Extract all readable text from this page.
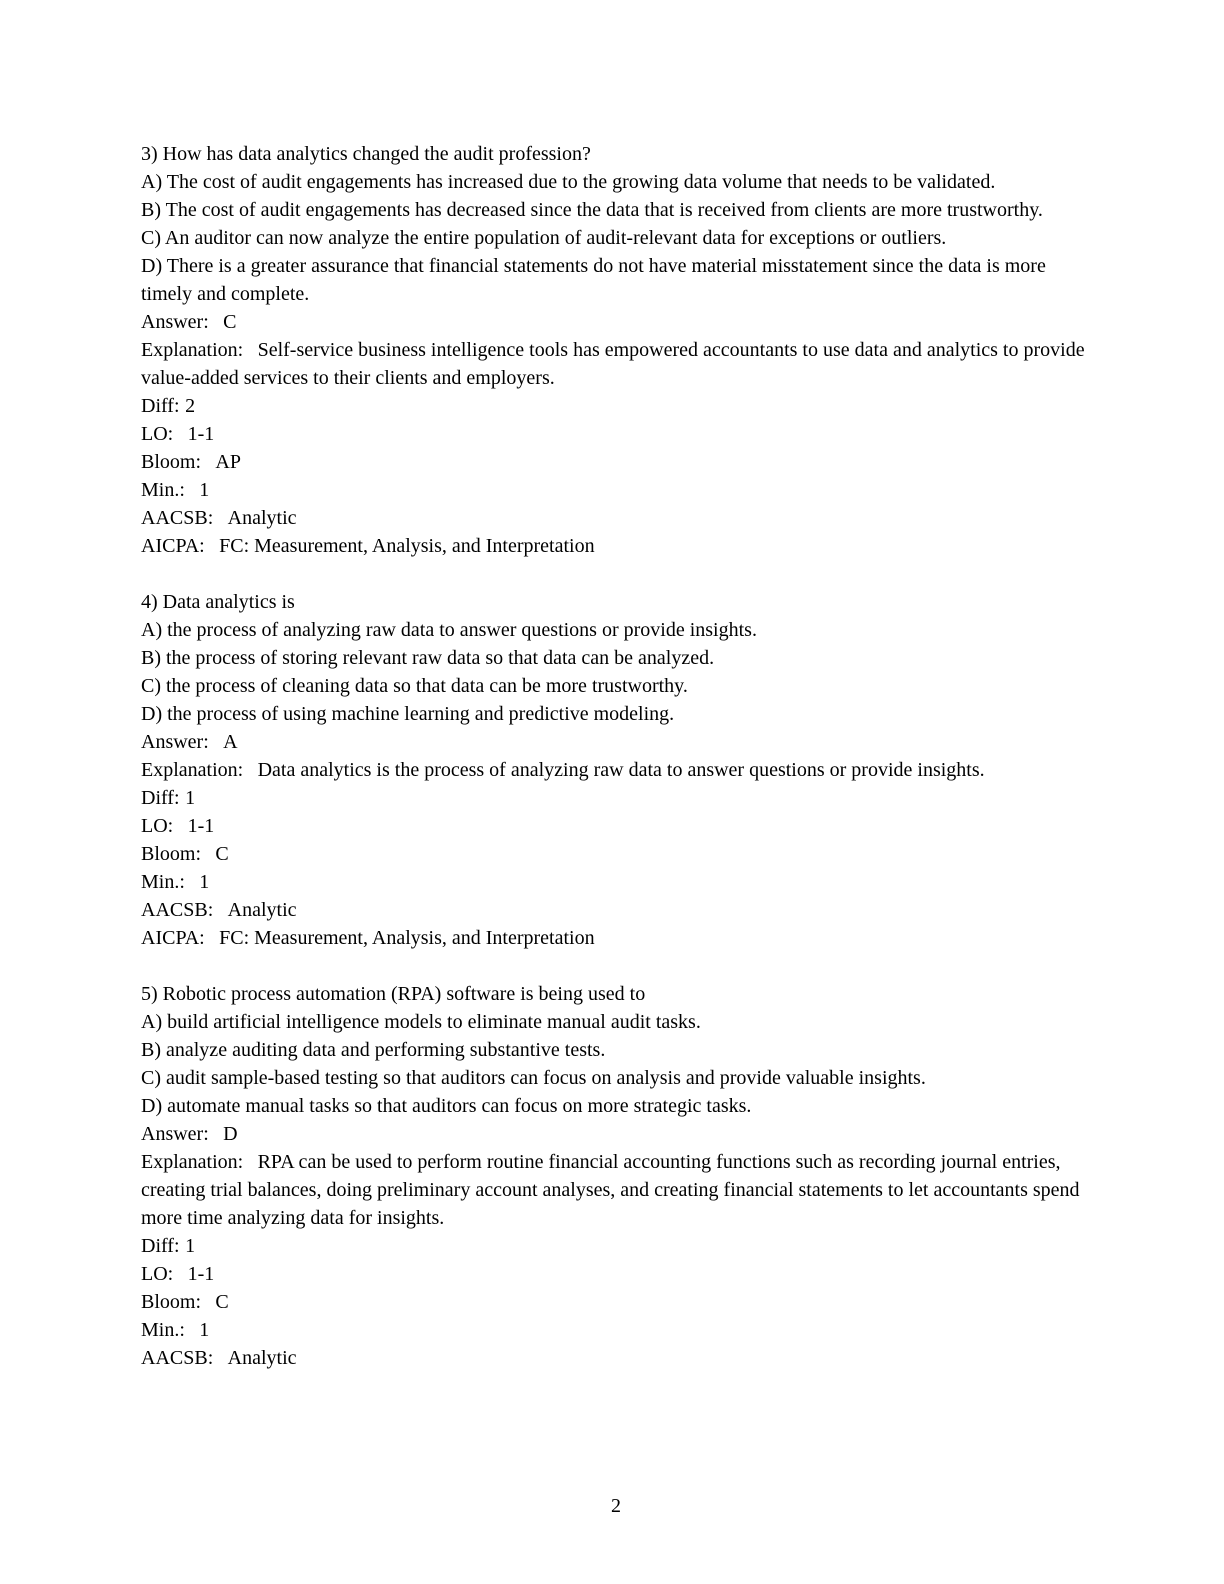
3) How has data analytics changed the audit profession?

A) The cost of audit engagements has increased due to the growing data volume that needs to be validated.

B) The cost of audit engagements has decreased since the data that is received from clients are more trustworthy.

C) An auditor can now analyze the entire population of audit-relevant data for exceptions or outliers.

D) There is a greater assurance that financial statements do not have material misstatement since the data is more timely and complete.

Answer: C

Explanation: Self-service business intelligence tools has empowered accountants to use data and analytics to provide value-added services to their clients and employers.

Diff: 2

LO: 1-1

Bloom: AP

Min.: 1

AACSB: Analytic

AICPA: FC: Measurement, Analysis, and Interpretation

4) Data analytics is

A) the process of analyzing raw data to answer questions or provide insights.

B) the process of storing relevant raw data so that data can be analyzed.

C) the process of cleaning data so that data can be more trustworthy.

D) the process of using machine learning and predictive modeling.

Answer: A

Explanation: Data analytics is the process of analyzing raw data to answer questions or provide insights.

Diff: 1

LO: 1-1

Bloom: C

Min.: 1

AACSB: Analytic

AICPA: FC: Measurement, Analysis, and Interpretation

5) Robotic process automation (RPA) software is being used to

A) build artificial intelligence models to eliminate manual audit tasks.

B) analyze auditing data and performing substantive tests.

C) audit sample-based testing so that auditors can focus on analysis and provide valuable insights.

D) automate manual tasks so that auditors can focus on more strategic tasks.

Answer: D

Explanation: RPA can be used to perform routine financial accounting functions such as recording journal entries, creating trial balances, doing preliminary account analyses, and creating financial statements to let accountants spend more time analyzing data for insights.

Diff: 1

LO: 1-1

Bloom: C

Min.: 1

AACSB: Analytic

2
